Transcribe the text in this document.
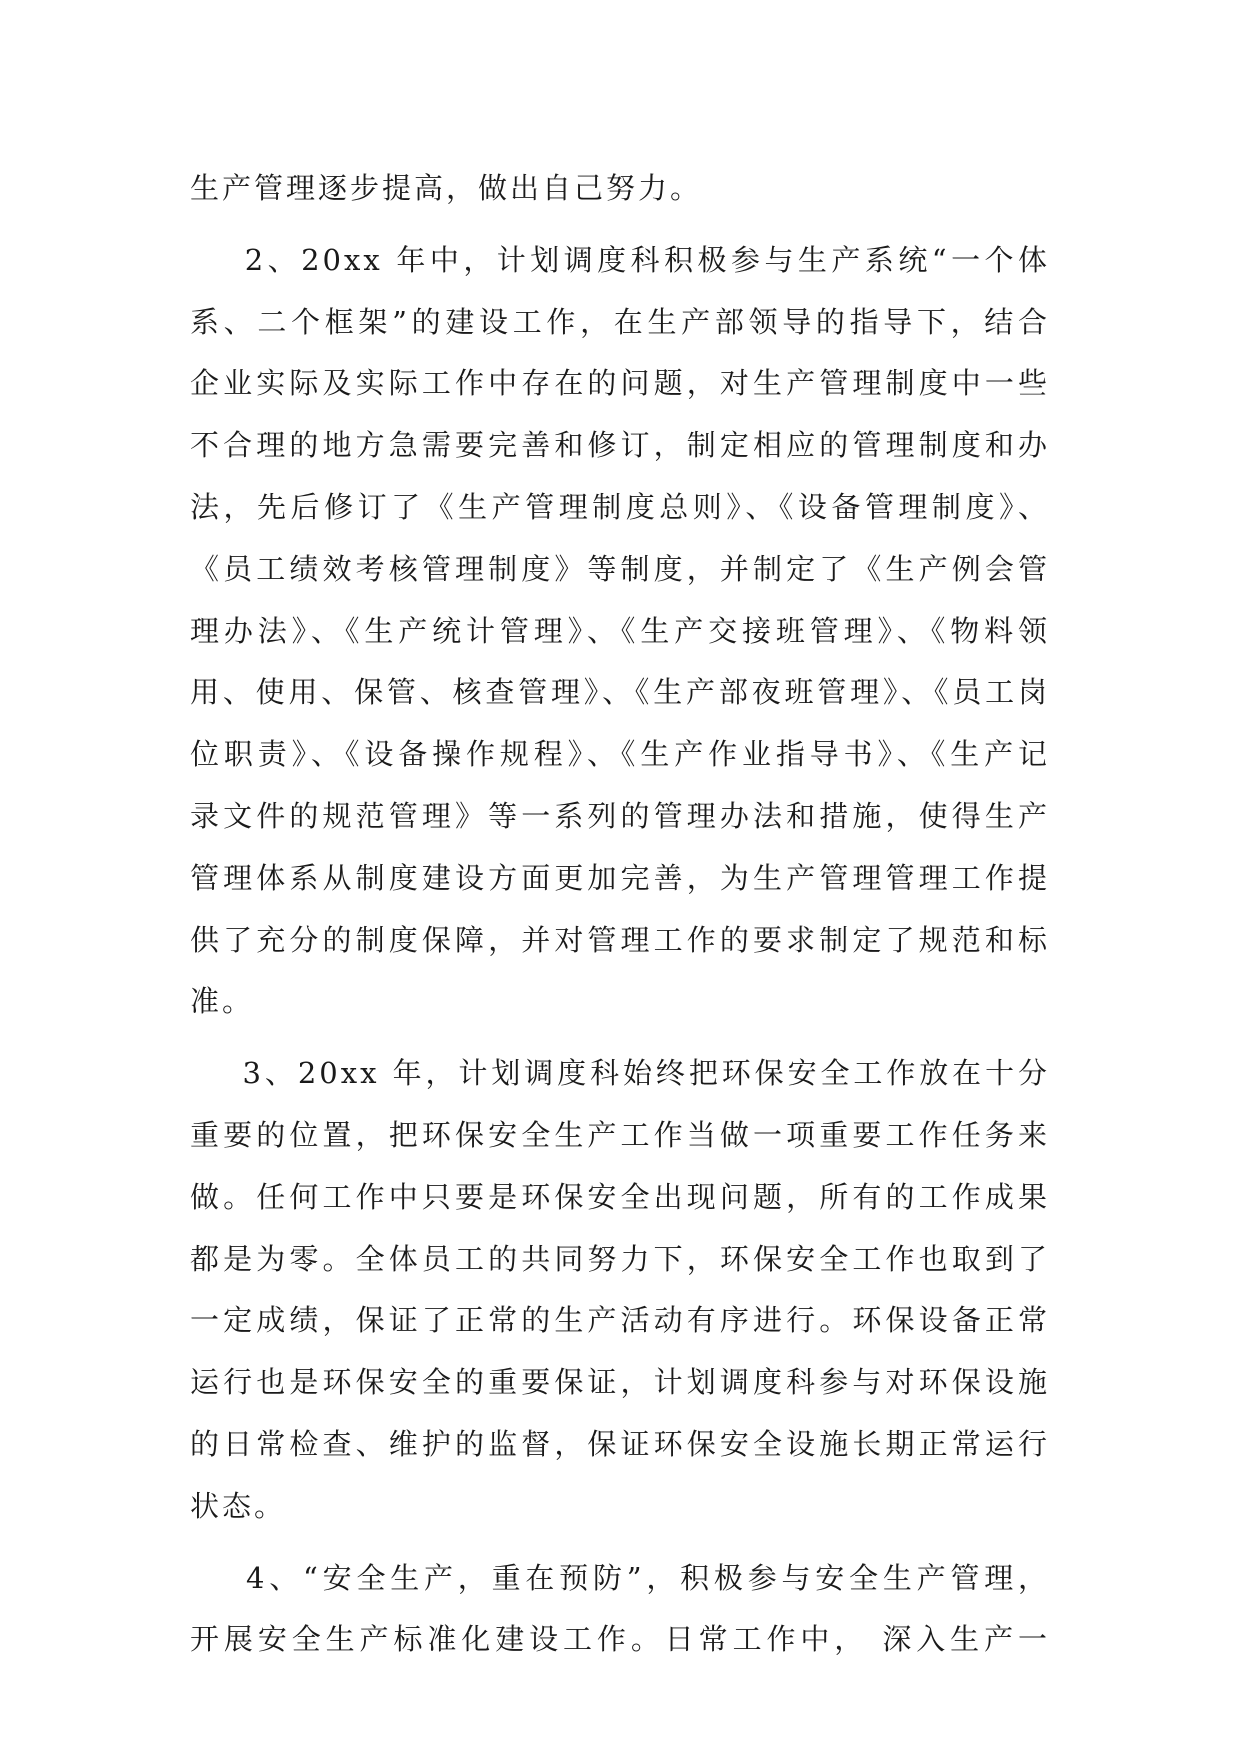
生产管理逐步提高，做出自己努力。
2、20xx 年中，计划调度科积极参与生产系统“一个体
系、二个框架”的建设工作，在生产部领导的指导下，结合
企业实际及实际工作中存在的问题，对生产管理制度中一些
不合理的地方急需要完善和修订，制定相应的管理制度和办
法，先后修订了《生产管理制度总则》、《设备管理制度》、
《员工绩效考核管理制度》等制度，并制定了《生产例会管
理办法》、《生产统计管理》、《生产交接班管理》、《物料领
用、使用、保管、核查管理》、《生产部夜班管理》、《员工岗
位职责》、《设备操作规程》、《生产作业指导书》、《生产记
录文件的规范管理》等一系列的管理办法和措施，使得生产
管理体系从制度建设方面更加完善，为生产管理管理工作提
供了充分的制度保障，并对管理工作的要求制定了规范和标
准。
3、20xx 年，计划调度科始终把环保安全工作放在十分
重要的位置，把环保安全生产工作当做一项重要工作任务来
做。任何工作中只要是环保安全出现问题，所有的工作成果
都是为零。全体员工的共同努力下，环保安全工作也取到了
一定成绩，保证了正常的生产活动有序进行。环保设备正常
运行也是环保安全的重要保证，计划调度科参与对环保设施
的日常检查、维护的监督，保证环保安全设施长期正常运行
状态。
4、“安全生产，重在预防”，积极参与安全生产管理，
开展安全生产标准化建设工作。日常工作中， 深入生产一
